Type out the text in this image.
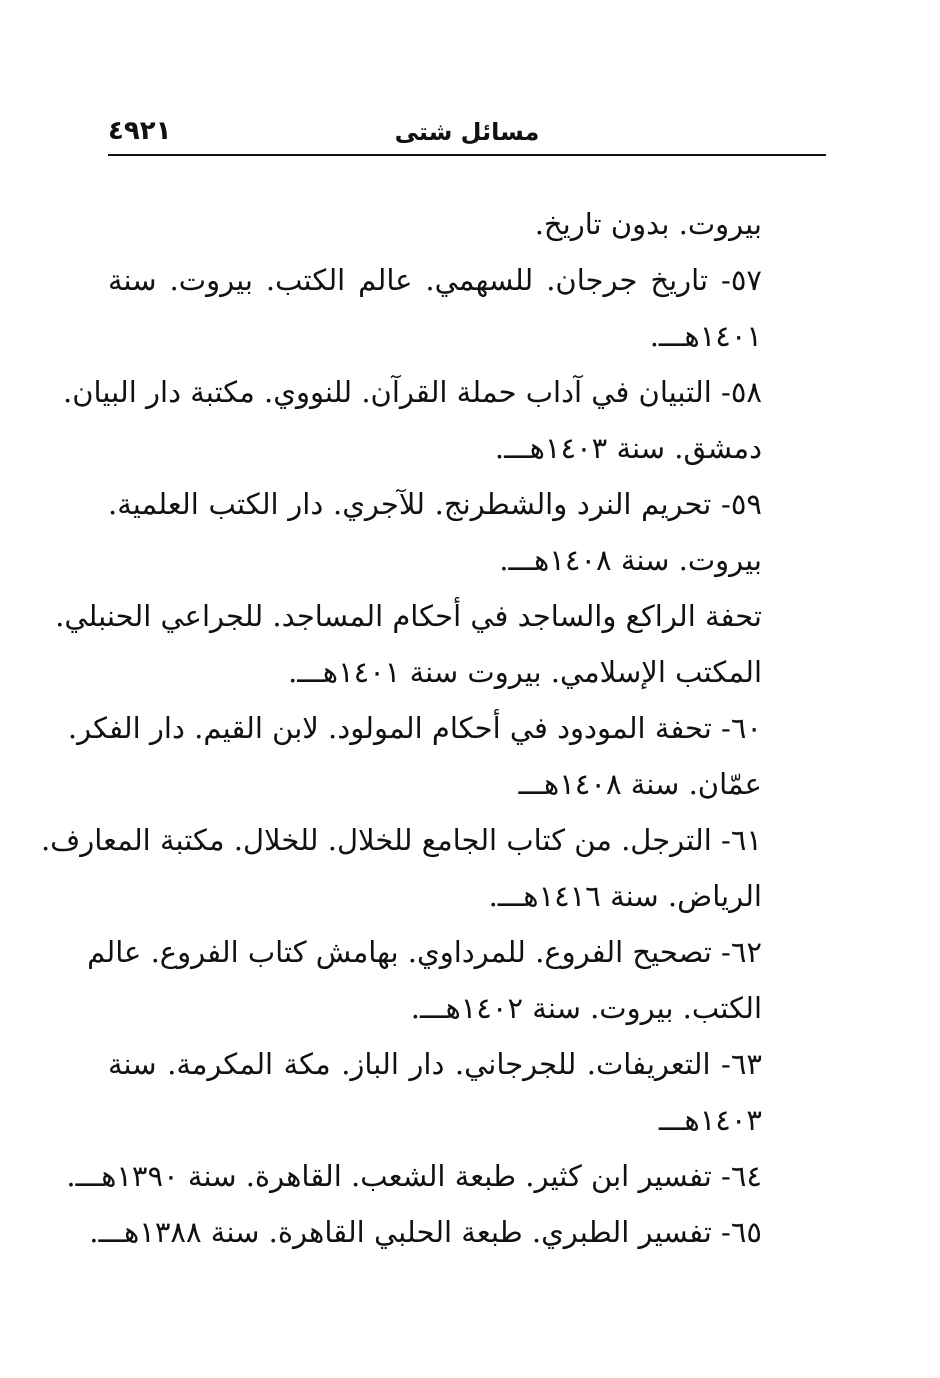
٤٩٢١	مسائل شتى
بيروت. بدون تاريخ.
٥٧- تاريخ جرجان. للسهمي. عالم الكتب. بيروت. سنة
١٤٠١هـــ.
٥٨- التبيان في آداب حملة القرآن. للنووي. مكتبة دار البيان.
دمشق. سنة ١٤٠٣هـــ.
٥٩- تحريم النرد والشطرنج. للآجري. دار الكتب العلمية.
بيروت. سنة ١٤٠٨هـــ.
تحفة الراكع والساجد في أحكام المساجد. للجراعي الحنبلي.
المكتب الإسلامي. بيروت سنة ١٤٠١هـــ.
٦٠- تحفة المودود في أحكام المولود. لابن القيم. دار الفكر.
عمّان. سنة ١٤٠٨هـــ
٦١- الترجل. من كتاب الجامع للخلال. للخلال. مكتبة المعارف.
الرياض. سنة ١٤١٦هـــ.
٦٢- تصحيح الفروع. للمرداوي. بهامش كتاب الفروع. عالم
الكتب. بيروت. سنة ١٤٠٢هـــ.
٦٣- التعريفات. للجرجاني. دار الباز. مكة المكرمة. سنة
١٤٠٣هـــ
٦٤- تفسير ابن كثير. طبعة الشعب. القاهرة. سنة ١٣٩٠هـــ.
٦٥- تفسير الطبري. طبعة الحلبي القاهرة. سنة ١٣٨٨هـــ.
